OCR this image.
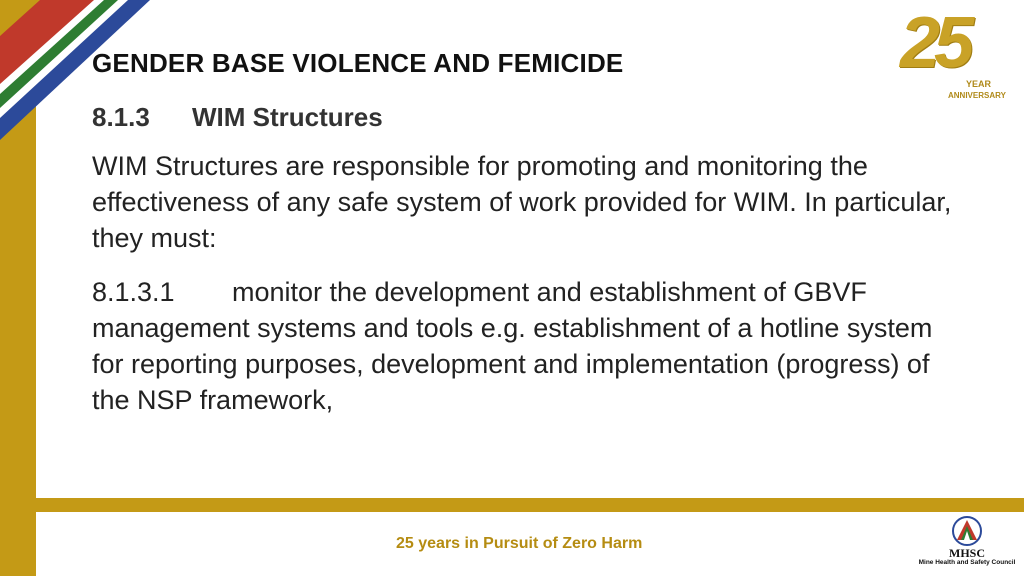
GENDER BASE VIOLENCE AND FEMICIDE
8.1.3 WIM Structures
WIM Structures are responsible for promoting and monitoring the effectiveness of any safe system of work provided for WIM. In particular, they must:
8.1.3.1 monitor the development and establishment of GBVF management systems and tools e.g. establishment of a hotline system for reporting purposes, development and implementation (progress) of the NSP framework,
25
YEAR
ANNIVERSARY
25 years in Pursuit of Zero Harm
MHSC
Mine Health and Safety Council
